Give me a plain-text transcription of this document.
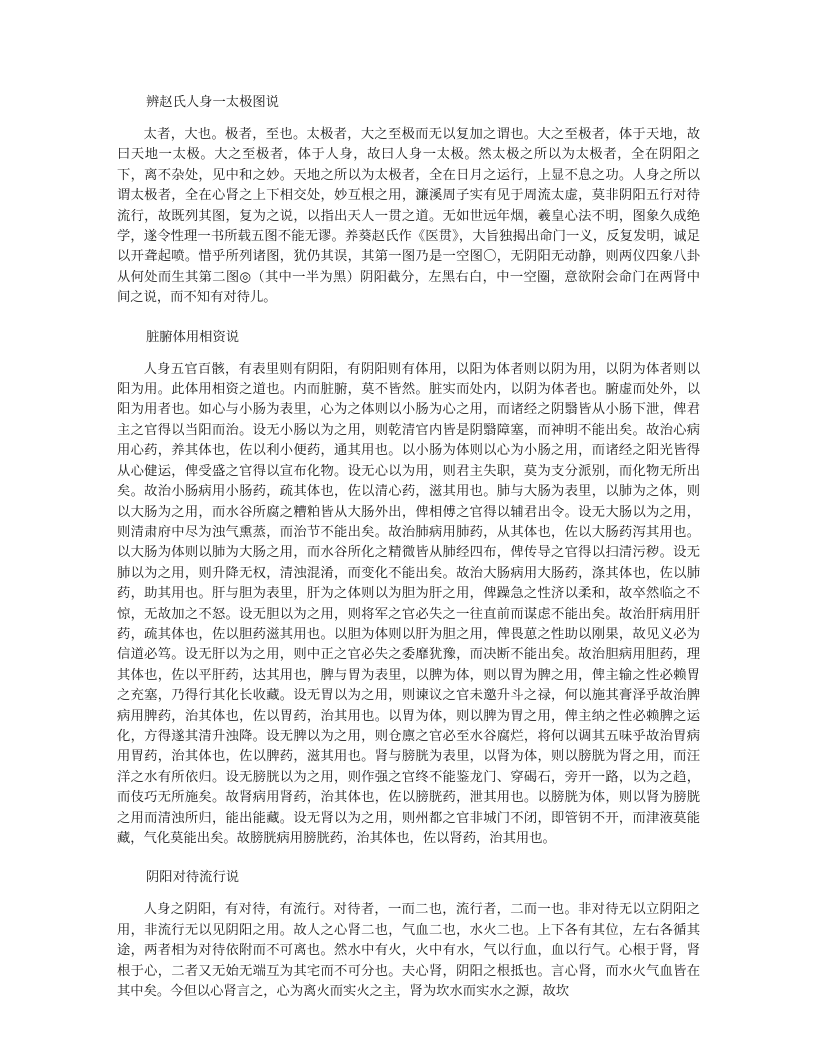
辨赵氏人身一太极图说

太者，大也。极者，至也。太极者，大之至极而无以复加之谓也。大之至极者，体于天地，故曰天地一太极。大之至极者，体于人身，故曰人身一太极。然太极之所以为太极者，全在阴阳之下，离不杂处，见中和之妙。天地之所以为太极者，全在日月之运行，上显不息之功。人身之所以谓太极者，全在心肾之上下相交处，妙互根之用，濂溪周子实有见于周流太虚，莫非阴阳五行对待流行，故既列其图，复为之说，以指出天人一贯之道。无如世远年烟，羲皇心法不明，图象久成绝学，遂令性理一书所载五图不能无谬。养葵赵氏作《医贯》，大旨独揭出命门一义，反复发明，诚足以开聋起喷。惜乎所列诸图，犹仍其误，其第一图乃是一空图〇，无阴阳无动静，则两仪四象八卦从何处而生其第二图◎（其中一半为黑）阴阳截分，左黑右白，中一空圈，意欲附会命门在两肾中间之说，而不知有对待儿。

脏腑体用相资说

人身五官百骸，有表里则有阴阳，有阴阳则有体用，以阳为体者则以阴为用，以阴为体者则以阳为用。此体用相资之道也。内而脏腑，莫不皆然。脏实而处内，以阴为体者也。腑虚而处外，以阳为用者也。如心与小肠为表里，心为之体则以小肠为心之用，而诸经之阴翳皆从小肠下泄，俾君主之官得以当阳而治。设无小肠以为之用，则乾清官内皆是阴翳障塞，而神明不能出矣。故治心病用心药，养其体也，佐以利小便药，通其用也。以小肠为体则以心为小肠之用，而诸经之阳光皆得从心健运，俾受盛之官得以宣布化物。设无心以为用，则君主失职，莫为支分派别，而化物无所出矣。故治小肠病用小肠药，疏其体也，佐以清心药，滋其用也。肺与大肠为表里，以肺为之体，则以大肠为之用，而水谷所腐之糟粕皆从大肠外出，俾相傅之官得以辅君出令。设无大肠以为之用，则清肃府中尽为浊气熏蒸，而治节不能出矣。故治肺病用肺药，从其体也，佐以大肠药泻其用也。以大肠为体则以肺为大肠之用，而水谷所化之精微皆从肺经四布，俾传导之官得以扫清污秽。设无肺以为之用，则升降无权，清浊混淆，而变化不能出矣。故治大肠病用大肠药，涤其体也，佐以肺药，助其用也。肝与胆为表里，肝为之体则以为胆为肝之用，俾躁急之性济以柔和，故卒然临之不惊，无故加之不怒。设无胆以为之用，则将军之官必失之一往直前而谋虑不能出矣。故治肝病用肝药，疏其体也，佐以胆药滋其用也。以胆为体则以肝为胆之用，俾畏葸之性助以刚果，故见义必为信道必笃。设无肝以为之用，则中正之官必失之委靡犹豫，而决断不能出矣。故治胆病用胆药，理其体也，佐以平肝药，达其用也，脾与胃为表里，以脾为体，则以胃为脾之用，俾主输之性必赖胃之充塞，乃得行其化长收藏。设无胃以为之用，则谏议之官未邀升斗之禄，何以施其膏泽乎故治脾病用脾药，治其体也，佐以胃药，治其用也。以胃为体，则以脾为胃之用，俾主纳之性必赖脾之运化，方得遂其清升浊降。设无脾以为之用，则仓廪之官必至水谷腐烂，将何以调其五味乎故治胃病用胃药，治其体也，佐以脾药，滋其用也。肾与膀胱为表里，以肾为体，则以膀胱为肾之用，而汪洋之水有所依归。设无膀胱以为之用，则作强之官终不能鉴龙门、穿碣石，旁开一路，以为之趋，而伎巧无所施矣。故肾病用肾药，治其体也，佐以膀胱药，泄其用也。以膀胱为体，则以肾为膀胱之用而清浊所归，能出能藏。设无肾以为之用，则州都之官非城门不闭，即管钥不开，而津液莫能藏，气化莫能出矣。故膀胱病用膀胱药，治其体也，佐以肾药，治其用也。

阴阳对待流行说

人身之阴阳，有对待，有流行。对待者，一而二也，流行者，二而一也。非对待无以立阴阳之用，非流行无以见阴阳之用。故人之心肾二也，气血二也，水火二也。上下各有其位，左右各循其途，两者相为对待依附而不可离也。然水中有火，火中有水，气以行血，血以行气。心根于肾，肾根于心，二者又无始无端互为其宅而不可分也。夫心肾，阴阳之根抵也。言心肾，而水火气血皆在其中矣。今但以心肾言之，心为离火而实火之主，肾为坎水而实水之源，故坎
